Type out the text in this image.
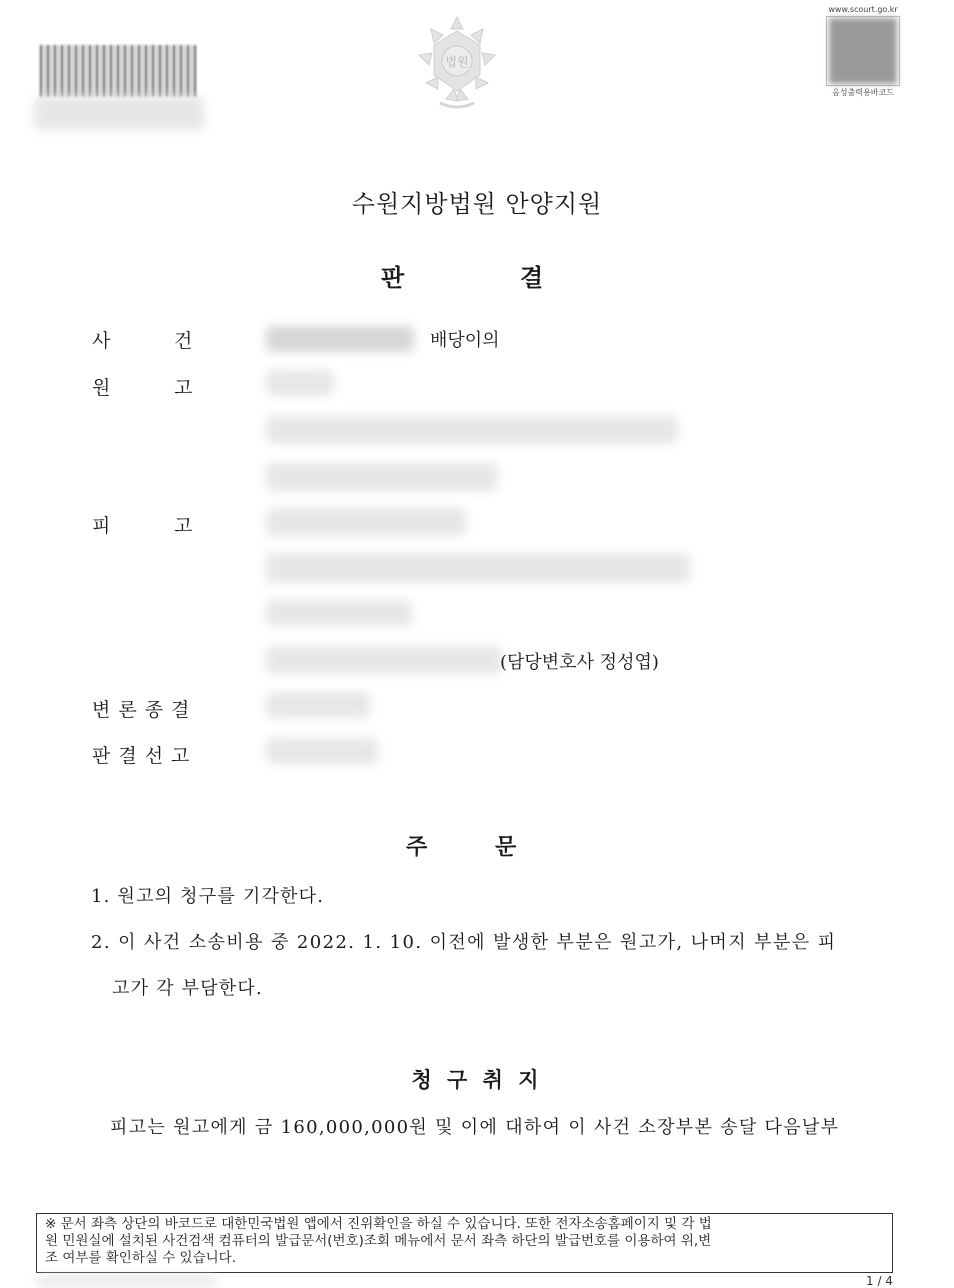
법원
www.scourt.go.kr
음성출력용바코드
수원지방법원 안양지원
판	결
사	건	배당이의
원	고
피	고
(담당변호사 정성엽)
변론종결
판결선고
주	문
1. 원고의 청구를 기각한다.
2. 이 사건 소송비용 중 2022. 1. 10. 이전에 발생한 부분은 원고가, 나머지 부분은 피
고가 각 부담한다.
청 구 취 지
피고는 원고에게 금 160,000,000원 및 이에 대하여 이 사건 소장부본 송달 다음날부
※ 문서 좌측 상단의 바코드로 대한민국법원 앱에서 진위확인을 하실 수 있습니다. 또한 전자소송홈페이지 및 각 법
원 민원실에 설치된 사건검색 컴퓨터의 발급문서(번호)조회 메뉴에서 문서 좌측 하단의 발급번호를 이용하여 위,변
조 여부를 확인하실 수 있습니다.
1 / 4
